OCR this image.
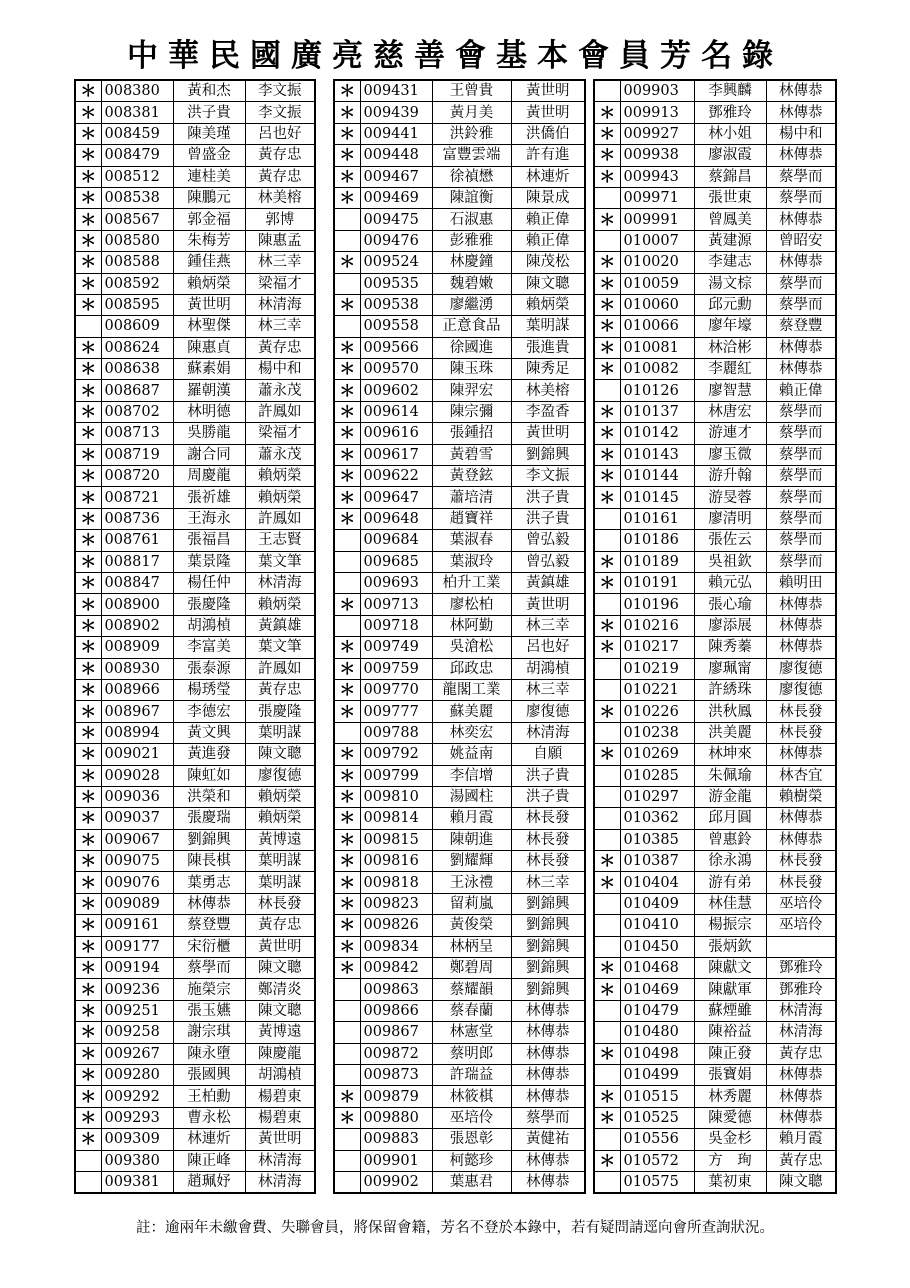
中華民國廣亮慈善會基本會員芳名錄
＊	008380	黃和杰	李文振
＊	008381	洪子貴	李文振
＊	008459	陳美瑾	呂也好
＊	008479	曾盛金	黃存忠
＊	008512	連桂美	黃存忠
＊	008538	陳鵬元	林美榕
＊	008567	郭金福	郭博
＊	008580	朱梅芳	陳惠孟
＊	008588	鍾佳燕	林三幸
＊	008592	賴炳榮	梁福才
＊	008595	黃世明	林清海
	008609	林聖傑	林三幸
＊	008624	陳惠貞	黃存忠
＊	008638	蘇素娟	楊中和
＊	008687	羅朝漢	蕭永茂
＊	008702	林明德	許鳳如
＊	008713	吳勝龍	梁福才
＊	008719	謝合同	蕭永茂
＊	008720	周慶龍	賴炳榮
＊	008721	張祈雄	賴炳榮
＊	008736	王海永	許鳳如
＊	008761	張福昌	王志賢
＊	008817	葉景隆	葉文筆
＊	008847	楊任仲	林清海
＊	008900	張慶隆	賴炳榮
＊	008902	胡鴻楨	黃鎮雄
＊	008909	李富美	葉文筆
＊	008930	張泰源	許鳳如
＊	008966	楊琇瑩	黃存忠
＊	008967	李德宏	張慶隆
＊	008994	黃文興	葉明謀
＊	009021	黃進發	陳文聰
＊	009028	陳虹如	廖復德
＊	009036	洪榮和	賴炳榮
＊	009037	張慶瑞	賴炳榮
＊	009067	劉錦興	黃博遠
＊	009075	陳長棋	葉明謀
＊	009076	葉勇志	葉明謀
＊	009089	林傳恭	林長發
＊	009161	蔡登豐	黃存忠
＊	009177	宋衍櫃	黃世明
＊	009194	蔡學而	陳文聰
＊	009236	施榮宗	鄭清炎
＊	009251	張玉嬿	陳文聰
＊	009258	謝宗琪	黃博遠
＊	009267	陳永墮	陳慶龍
＊	009280	張國興	胡鴻楨
＊	009292	王柏勳	楊碧東
＊	009293	曹永松	楊碧東
＊	009309	林連炘	黃世明
	009380	陳正峰	林清海
	009381	趙珮妤	林清海
＊	009431	王曾貴	黃世明
＊	009439	黃月美	黃世明
＊	009441	洪鈴雅	洪僑伯
＊	009448	富豐雲端	許有進
＊	009467	徐禎懋	林連炘
＊	009469	陳誼衡	陳景成
	009475	石淑惠	賴正偉
	009476	彭雅雅	賴正偉
＊	009524	林慶鐘	陳茂松
	009535	魏碧嫩	陳文聰
＊	009538	廖繼湧	賴炳榮
	009558	正意食品	葉明謀
＊	009566	徐國進	張進貴
＊	009570	陳玉珠	陳秀足
＊	009602	陳羿宏	林美榕
＊	009614	陳宗彌	李盈香
＊	009616	張鍾招	黃世明
＊	009617	黃碧雪	劉錦興
＊	009622	黃登鉉	李文振
＊	009647	蕭培清	洪子貴
＊	009648	趙寶祥	洪子貴
	009684	葉淑春	曾弘毅
	009685	葉淑玲	曾弘毅
	009693	柏升工業	黃鎮雄
＊	009713	廖松柏	黃世明
	009718	林阿勤	林三幸
＊	009749	吳滄松	呂也好
＊	009759	邱政忠	胡鴻楨
＊	009770	龍閣工業	林三幸
＊	009777	蘇美麗	廖復德
	009788	林奕宏	林清海
＊	009792	姚益南	自願
＊	009799	李信增	洪子貴
＊	009810	湯國柱	洪子貴
＊	009814	賴月霞	林長發
＊	009815	陳朝進	林長發
＊	009816	劉耀輝	林長發
＊	009818	王泳禮	林三幸
＊	009823	留莉嵐	劉錦興
＊	009826	黃俊榮	劉錦興
＊	009834	林柄呈	劉錦興
＊	009842	鄭碧周	劉錦興
	009863	蔡耀韻	劉錦興
	009866	蔡春蘭	林傳恭
	009867	林憲堂	林傳恭
	009872	蔡明郎	林傳恭
	009873	許瑞益	林傳恭
＊	009879	林筱棋	林傳恭
＊	009880	巫培伶	蔡學而
	009883	張恩彰	黃健祐
	009901	柯懿珍	林傳恭
	009902	葉惠君	林傳恭
	009903	李興麟	林傳恭
＊	009913	鄧雅玲	林傳恭
＊	009927	林小姐	楊中和
＊	009938	廖淑霞	林傳恭
＊	009943	蔡錦昌	蔡學而
	009971	張世東	蔡學而
＊	009991	曾鳳美	林傳恭
	010007	黃建源	曾昭安
＊	010020	李建志	林傳恭
＊	010059	湯文棕	蔡學而
＊	010060	邱元勳	蔡學而
＊	010066	廖年壕	蔡登豐
＊	010081	林洽彬	林傳恭
＊	010082	李麗紅	林傳恭
	010126	廖智慧	賴正偉
＊	010137	林唐宏	蔡學而
＊	010142	游連才	蔡學而
＊	010143	廖玉微	蔡學而
＊	010144	游升翰	蔡學而
＊	010145	游旻蓉	蔡學而
	010161	廖清明	蔡學而
	010186	張佐云	蔡學而
＊	010189	吳祖欽	蔡學而
＊	010191	賴元弘	賴明田
	010196	張心瑜	林傳恭
＊	010216	廖添展	林傳恭
＊	010217	陳秀蓁	林傳恭
	010219	廖珮甯	廖復德
	010221	許綉珠	廖復德
＊	010226	洪秋鳳	林長發
	010238	洪美麗	林長發
＊	010269	林坤來	林傳恭
	010285	朱佩瑜	林杏宜
	010297	游金龍	賴樹榮
	010362	邱月圓	林傳恭
	010385	曾惠鈴	林傳恭
＊	010387	徐永鴻	林長發
＊	010404	游有弟	林長發
	010409	林佳慧	巫培伶
	010410	楊振宗	巫培伶
	010450	張炳欽	
＊	010468	陳獻文	鄧雅玲
＊	010469	陳獻軍	鄧雅玲
	010479	蘇煙雖	林清海
	010480	陳裕益	林清海
＊	010498	陳正發	黃存忠
	010499	張寶娟	林傳恭
＊	010515	林秀麗	林傳恭
＊	010525	陳愛德	林傳恭
	010556	吳金杉	賴月霞
＊	010572	方　珣	黃存忠
	010575	葉初東	陳文聰
註：逾兩年未繳會費、失聯會員，將保留會籍，芳名不登於本錄中，若有疑問請逕向會所查詢狀況。
